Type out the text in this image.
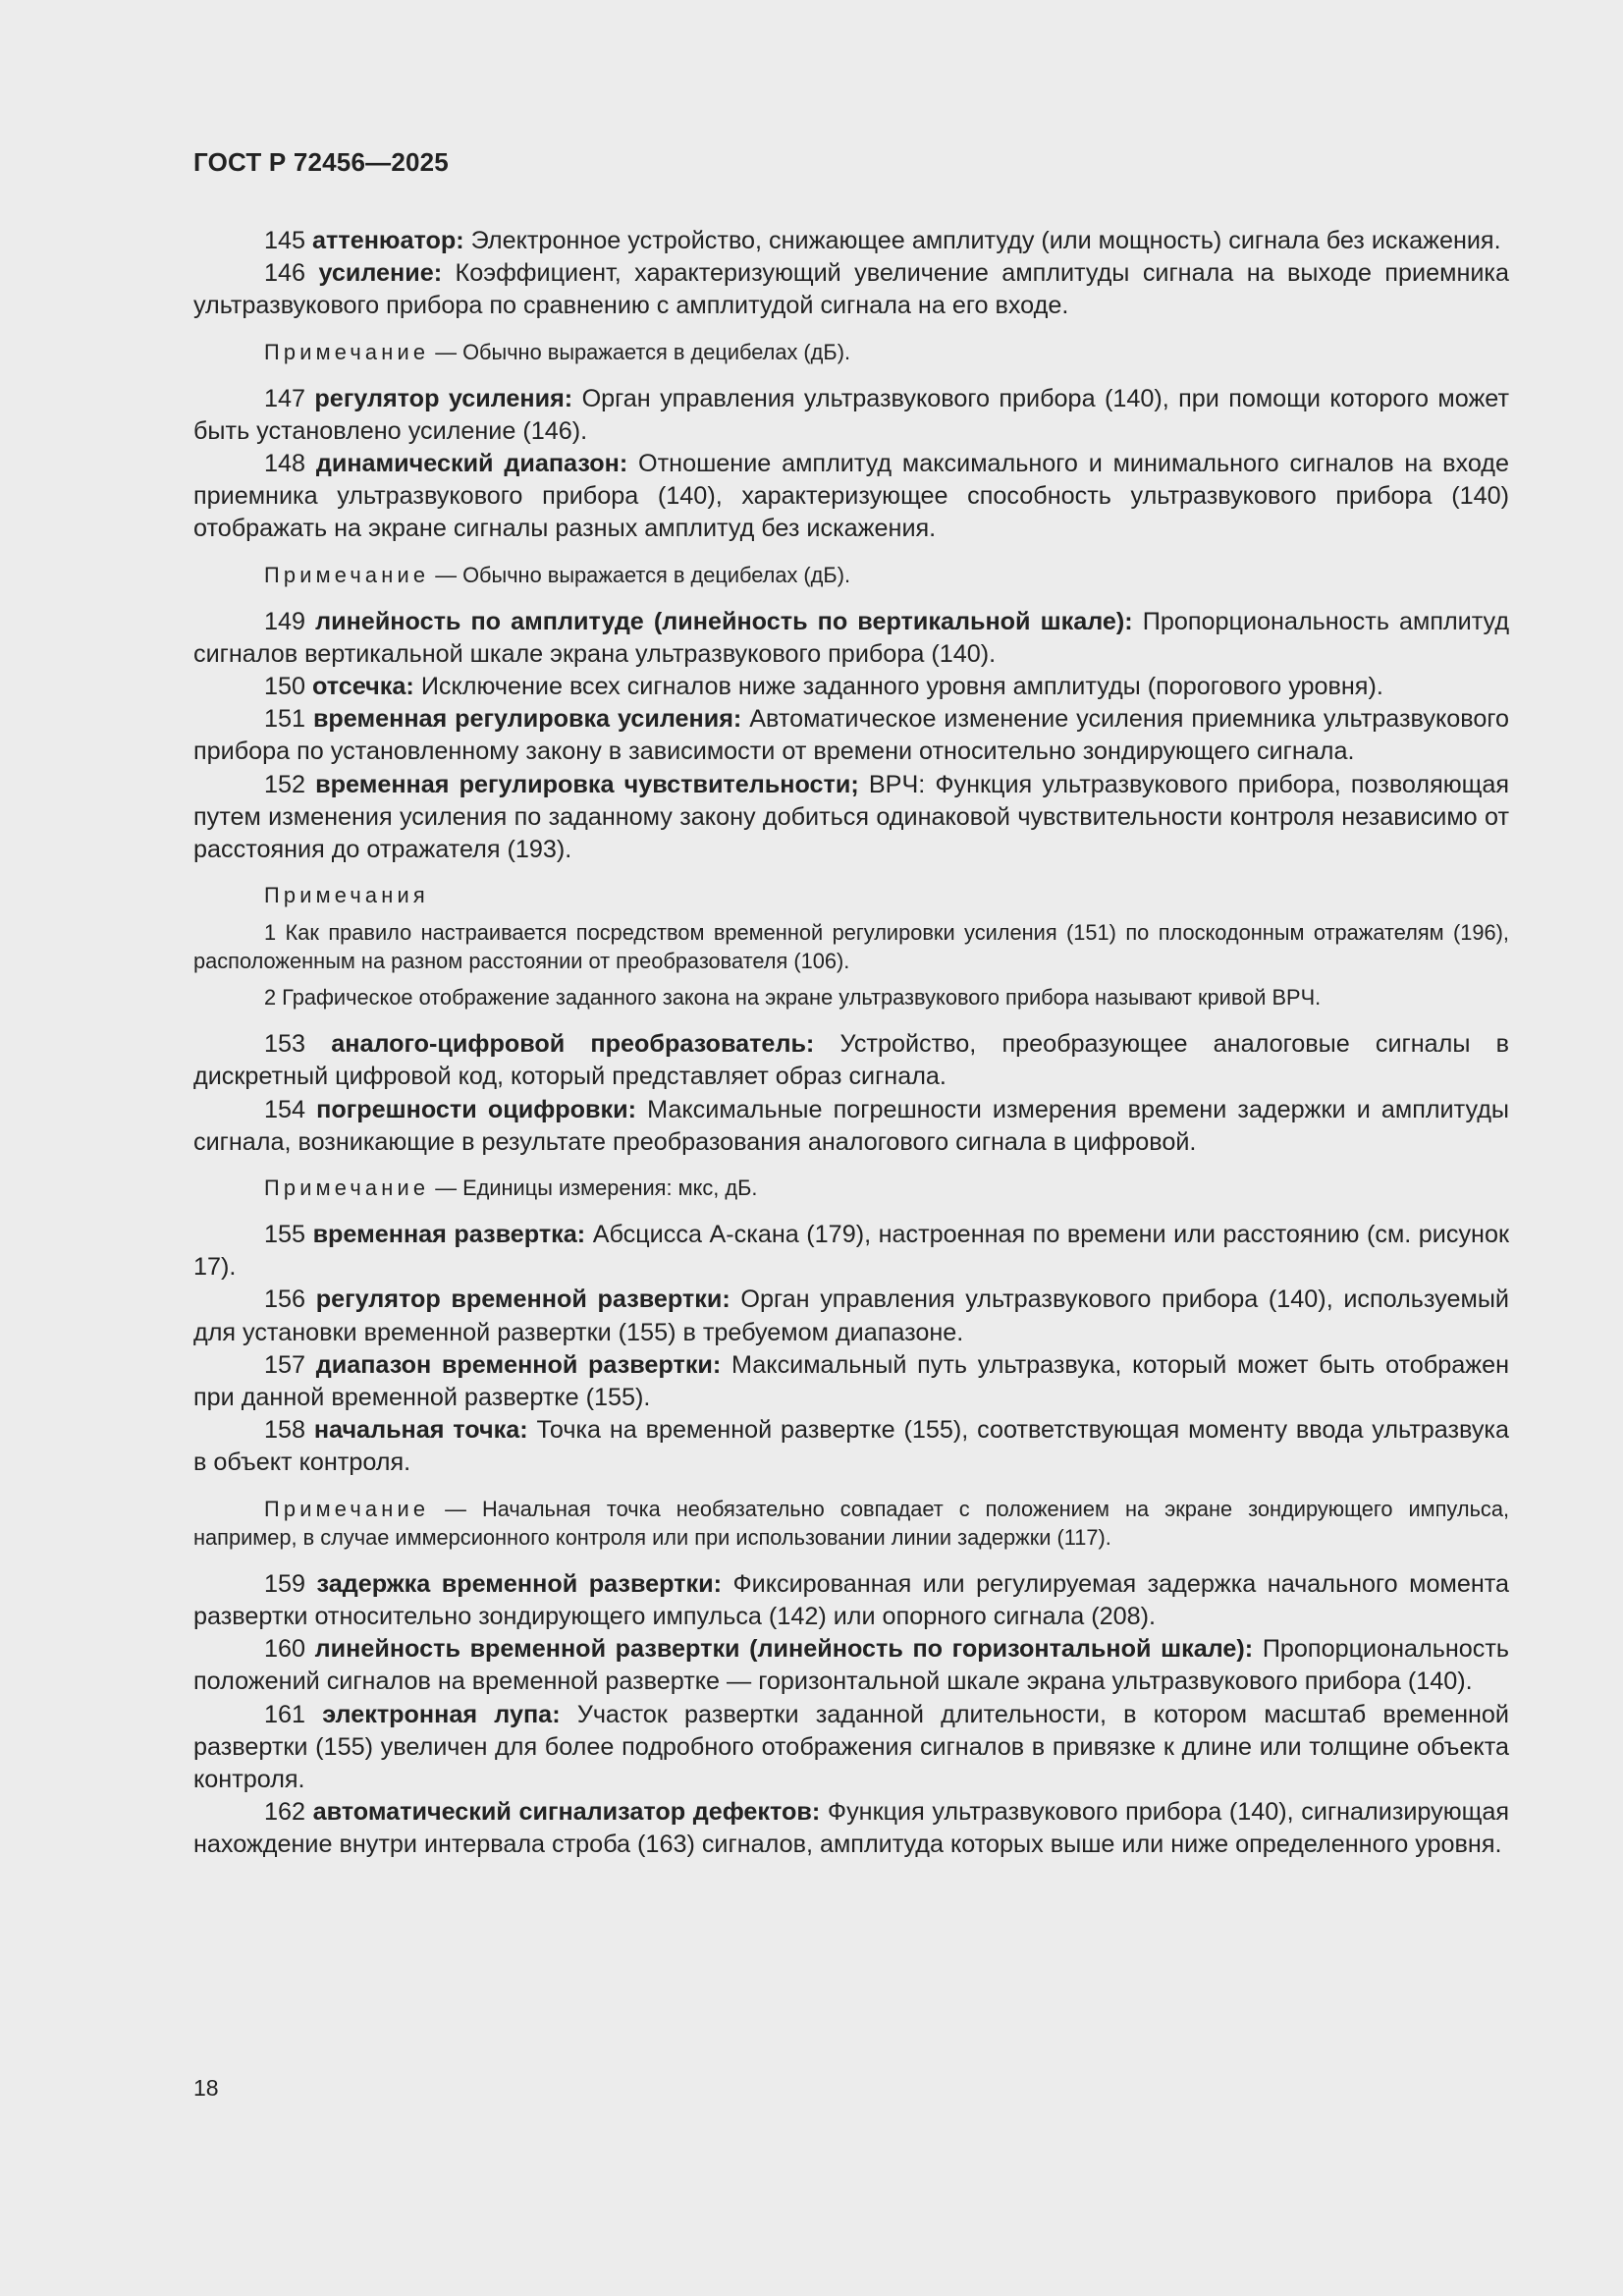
ГОСТ Р 72456—2025

145 аттенюатор: Электронное устройство, снижающее амплитуду (или мощность) сигнала без искажения.

146 усиление: Коэффициент, характеризующий увеличение амплитуды сигнала на выходе приемника ультразвукового прибора по сравнению с амплитудой сигнала на его входе.

Примечание — Обычно выражается в децибелах (дБ).

147 регулятор усиления: Орган управления ультразвукового прибора (140), при помощи которого может быть установлено усиление (146).

148 динамический диапазон: Отношение амплитуд максимального и минимального сигналов на входе приемника ультразвукового прибора (140), характеризующее способность ультразвукового прибора (140) отображать на экране сигналы разных амплитуд без искажения.

Примечание — Обычно выражается в децибелах (дБ).

149 линейность по амплитуде (линейность по вертикальной шкале): Пропорциональность амплитуд сигналов вертикальной шкале экрана ультразвукового прибора (140).

150 отсечка: Исключение всех сигналов ниже заданного уровня амплитуды (порогового уровня).

151 временная регулировка усиления: Автоматическое изменение усиления приемника ультразвукового прибора по установленному закону в зависимости от времени относительно зондирующего сигнала.

152 временная регулировка чувствительности; ВРЧ: Функция ультразвукового прибора, позволяющая путем изменения усиления по заданному закону добиться одинаковой чувствительности контроля независимо от расстояния до отражателя (193).

Примечания

1 Как правило настраивается посредством временной регулировки усиления (151) по плоскодонным отражателям (196), расположенным на разном расстоянии от преобразователя (106).

2 Графическое отображение заданного закона на экране ультразвукового прибора называют кривой ВРЧ.

153 аналого-цифровой преобразователь: Устройство, преобразующее аналоговые сигналы в дискретный цифровой код, который представляет образ сигнала.

154 погрешности оцифровки: Максимальные погрешности измерения времени задержки и амплитуды сигнала, возникающие в результате преобразования аналогового сигнала в цифровой.

Примечание — Единицы измерения: мкс, дБ.

155 временная развертка: Абсцисса А-скана (179), настроенная по времени или расстоянию (см. рисунок 17).

156 регулятор временной развертки: Орган управления ультразвукового прибора (140), используемый для установки временной развертки (155) в требуемом диапазоне.

157 диапазон временной развертки: Максимальный путь ультразвука, который может быть отображен при данной временной развертке (155).

158 начальная точка: Точка на временной развертке (155), соответствующая моменту ввода ультразвука в объект контроля.

Примечание — Начальная точка необязательно совпадает с положением на экране зондирующего импульса, например, в случае иммерсионного контроля или при использовании линии задержки (117).

159 задержка временной развертки: Фиксированная или регулируемая задержка начального момента развертки относительно зондирующего импульса (142) или опорного сигнала (208).

160 линейность временной развертки (линейность по горизонтальной шкале): Пропорциональность положений сигналов на временной развертке — горизонтальной шкале экрана ультразвукового прибора (140).

161 электронная лупа: Участок развертки заданной длительности, в котором масштаб временной развертки (155) увеличен для более подробного отображения сигналов в привязке к длине или толщине объекта контроля.

162 автоматический сигнализатор дефектов: Функция ультразвукового прибора (140), сигнализирующая нахождение внутри интервала строба (163) сигналов, амплитуда которых выше или ниже определенного уровня.

18
